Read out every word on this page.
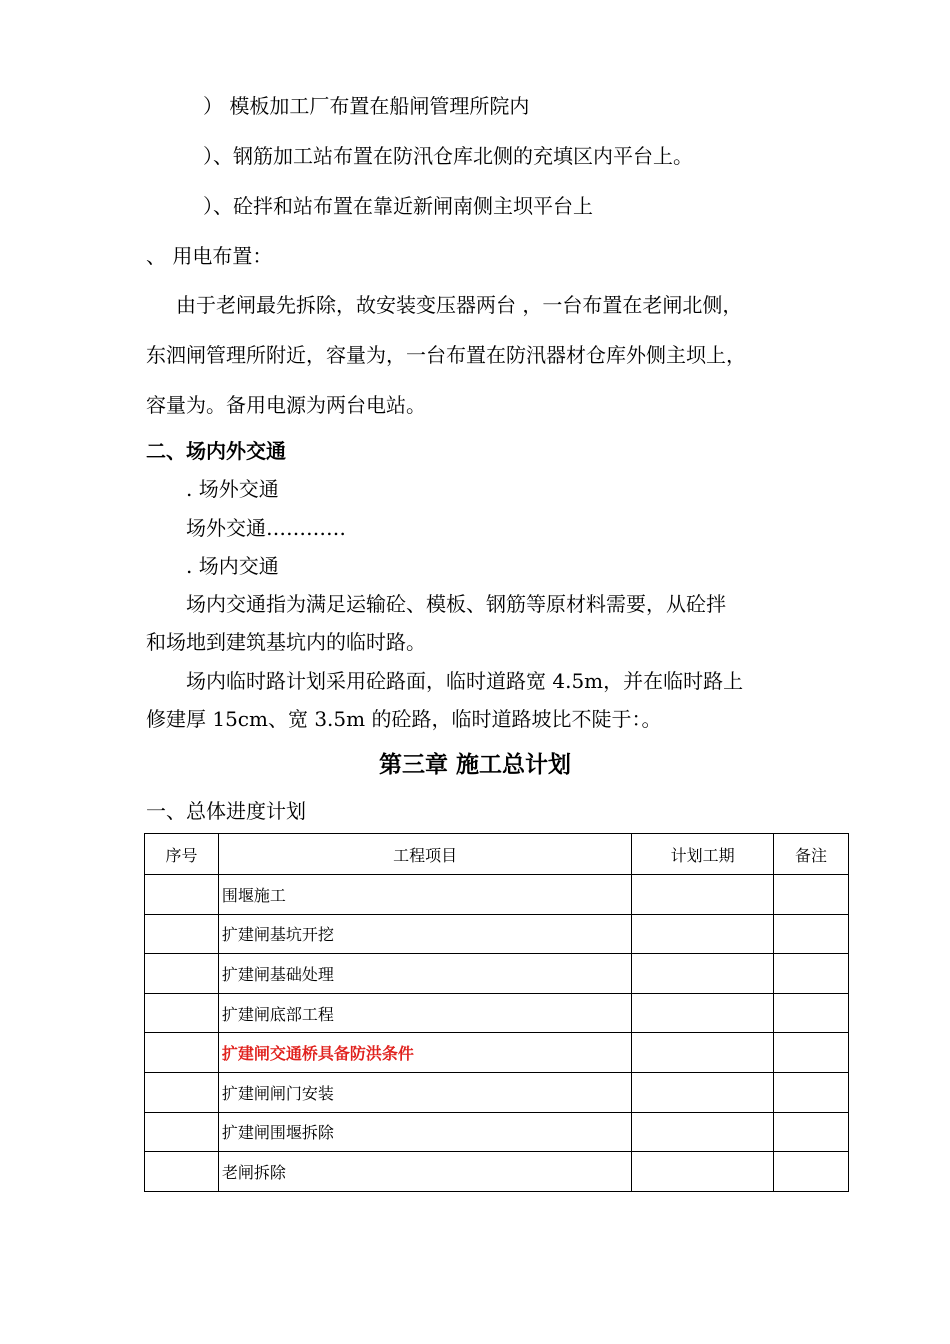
） 模板加工厂布置在船闸管理所院内
）、钢筋加工站布置在防汛仓库北侧的充填区内平台上。
）、砼拌和站布置在靠近新闸南侧主坝平台上
、 用电布置：
由于老闸最先拆除，故安装变压器两台 ，一台布置在老闸北侧，
东泗闸管理所附近，容量为，一台布置在防汛器材仓库外侧主坝上，
容量为。备用电源为两台电站。
二、场内外交通
. 场外交通
场外交通…………
. 场内交通
场内交通指为满足运输砼、模板、钢筋等原材料需要，从砼拌
和场地到建筑基坑内的临时路。
场内临时路计划采用砼路面，临时道路宽 4.5m，并在临时路上
修建厚 15cm、宽 3.5m 的砼路，临时道路坡比不陡于：。
第三章 施工总计划
一、总体进度计划
序号	工程项目	计划工期	备注
	围堰施工		
	扩建闸基坑开挖		
	扩建闸基础处理		
	扩建闸底部工程		
	扩建闸交通桥具备防洪条件		
	扩建闸闸门安装		
	扩建闸围堰拆除		
	老闸拆除		
